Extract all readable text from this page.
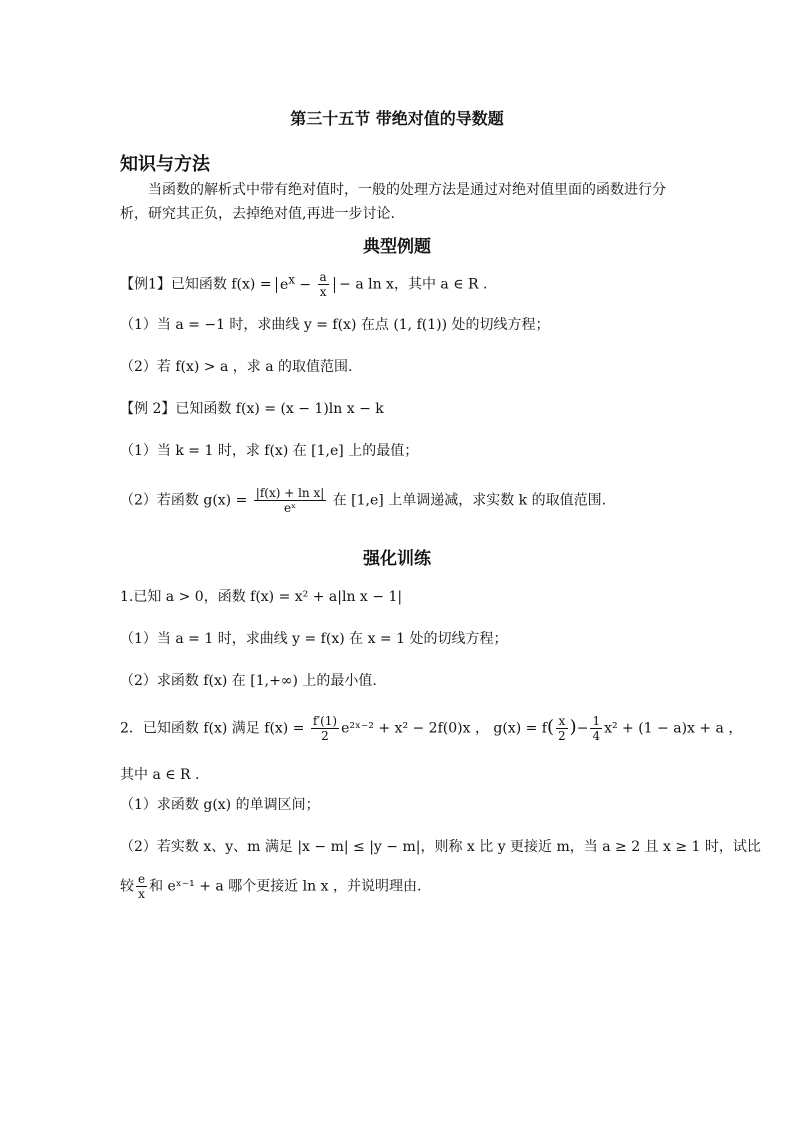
第三十五节 带绝对值的导数题
知识与方法
当函数的解析式中带有绝对值时，一般的处理方法是通过对绝对值里面的函数进行分析，研究其正负，去掉绝对值,再进一步讨论.
典型例题
【例1】已知函数 $f(x) = e^x - \frac{a}{x} - a$ ln x，其中 a ∈ R .
（1）当 a = −1 时，求曲线 y = f(x) 在点 (1, f(1)) 处的切线方程；
（2）若 f(x) > a ，求 a 的取值范围.
【例 2】已知函数 f(x) = (x − 1)ln x − k
（1）当 k = 1 时，求 f(x) 在 [1,e] 上的最值；
（2）若函数 $g(x) = \frac{\text{|f(x) + ln x|}}{\text{eˣ}}$ 在 [1,e] 上单调递减，求实数 k 的取值范围.
强化训练
1.已知 a > 0，函数 f(x) = x² + a|ln x − 1|
（1）当 a = 1 时，求曲线 y = f(x) 在 x = 1 处的切线方程；
（2）求函数 f(x) 在 [1,+∞) 上的最小值.
2．已知函数 f(x) 满足 $f(x) = \frac{f'(1)}{2}$ e²ˣ⁻² + x² − 2f(0)x ， $g(x) = f( \frac{x}{2}$ )− $\frac{1}{4} x^2 + (1 - a)x + a$ ，
其中 a ∈ R .
（1）求函数 g(x) 的单调区间；
（2）若实数 x、y、m 满足 |x − m| ≤ |y − m|，则称 x 比 y 更接近 m，当 a ≥ 2 且 x ≥ 1 时，试比
较 $\frac{e}{x}$ 和 eˣ⁻¹ + a 哪个更接近 ln x ，并说明理由.
